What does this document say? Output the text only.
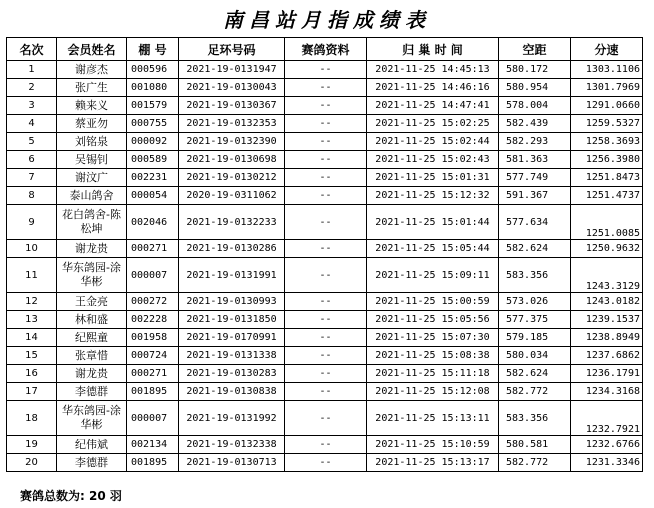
南昌站月指成绩表
名次	会员姓名	棚 号	足环号码	赛鸽资料	归 巢 时 间	空距	分速
1	谢彦杰	000596	2021-19-0131947	--	2021-11-25 14:45:13	580.172	1303.1106
2	张广生	001080	2021-19-0130043	--	2021-11-25 14:46:16	580.954	1301.7969
3	赖来义	001579	2021-19-0130367	--	2021-11-25 14:47:41	578.004	1291.0660
4	蔡亚勿	000755	2021-19-0132353	--	2021-11-25 15:02:25	582.439	1259.5327
5	刘铭泉	000092	2021-19-0132390	--	2021-11-25 15:02:44	582.293	1258.3693
6	吴锡钊	000589	2021-19-0130698	--	2021-11-25 15:02:43	581.363	1256.3980
7	谢汶广	002231	2021-19-0130212	--	2021-11-25 15:01:31	577.749	1251.8473
8	泰山鸽舍	000054	2020-19-0311062	--	2021-11-25 15:12:32	591.367	1251.4737
9	花白鸽舍-陈松坤	002046	2021-19-0132233	--	2021-11-25 15:01:44	577.634	1251.0085
10	谢龙贵	000271	2021-19-0130286	--	2021-11-25 15:05:44	582.624	1250.9632
11	华东鸽园-涂华彬	000007	2021-19-0131991	--	2021-11-25 15:09:11	583.356	1243.3129
12	王金亮	000272	2021-19-0130993	--	2021-11-25 15:00:59	573.026	1243.0182
13	林和盛	002228	2021-19-0131850	--	2021-11-25 15:05:56	577.375	1239.1537
14	纪熙童	001958	2021-19-0170991	--	2021-11-25 15:07:30	579.185	1238.8949
15	张章惜	000724	2021-19-0131338	--	2021-11-25 15:08:38	580.034	1237.6862
16	谢龙贵	000271	2021-19-0130283	--	2021-11-25 15:11:18	582.624	1236.1791
17	李德群	001895	2021-19-0130838	--	2021-11-25 15:12:08	582.772	1234.3168
18	华东鸽园-涂华彬	000007	2021-19-0131992	--	2021-11-25 15:13:11	583.356	1232.7921
19	纪伟斌	002134	2021-19-0132338	--	2021-11-25 15:10:59	580.581	1232.6766
20	李德群	001895	2021-19-0130713	--	2021-11-25 15:13:17	582.772	1231.3346
赛鸽总数为: 20 羽
